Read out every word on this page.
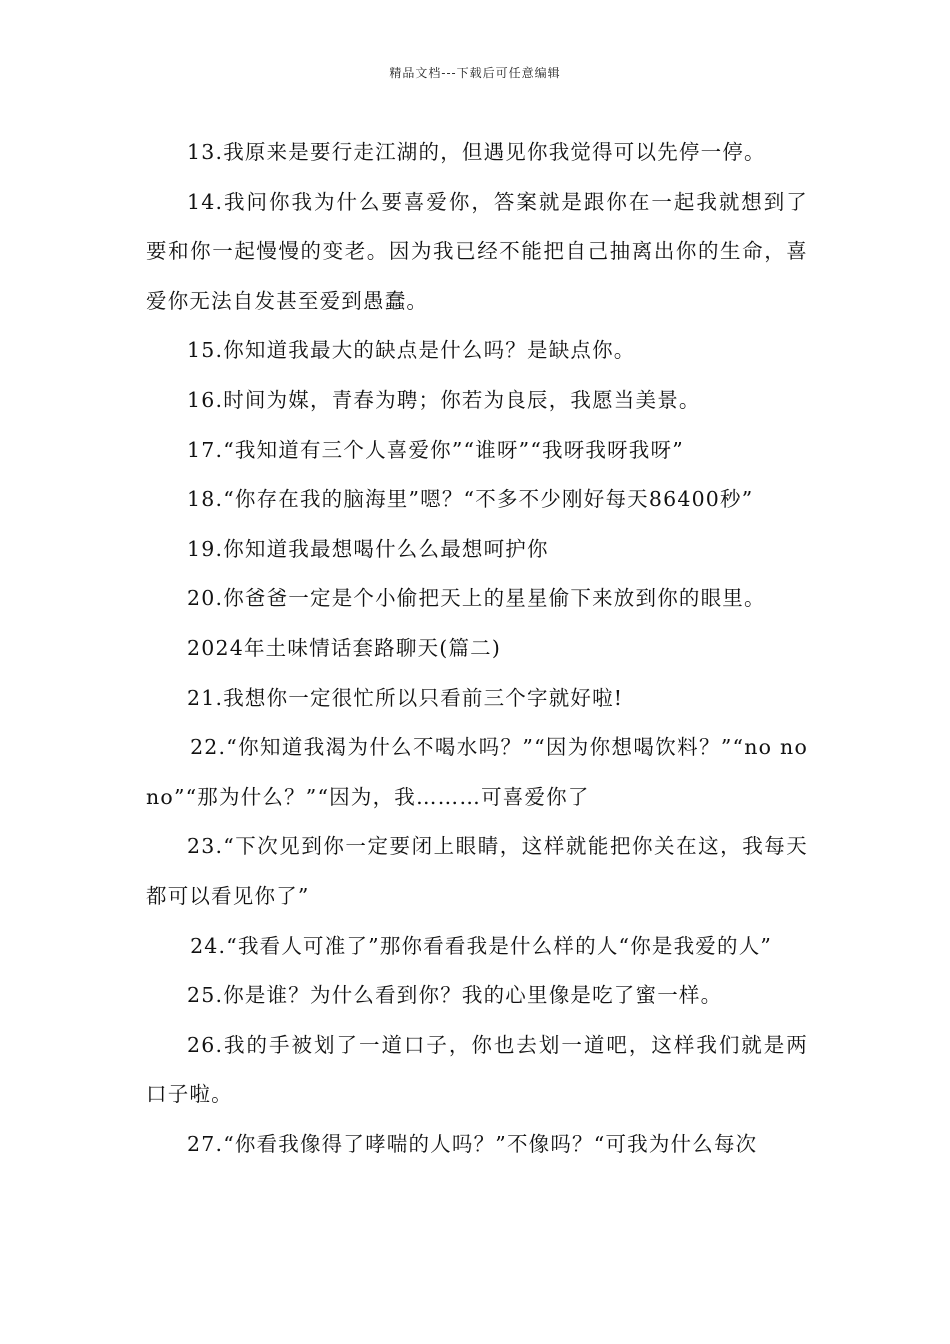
精品文档---下载后可任意编辑

13.我原来是要行走江湖的，但遇见你我觉得可以先停一停。

14.我问你我为什么要喜爱你，答案就是跟你在一起我就想到了要和你一起慢慢的变老。因为我已经不能把自己抽离出你的生命，喜爱你无法自发甚至爱到愚蠢。

15.你知道我最大的缺点是什么吗？是缺点你。

16.时间为媒，青春为聘；你若为良辰，我愿当美景。

17.“我知道有三个人喜爱你”“谁呀”“我呀我呀我呀”

18.“你存在我的脑海里”嗯？“不多不少刚好每天86400秒”

19.你知道我最想喝什么么最想呵护你

20.你爸爸一定是个小偷把天上的星星偷下来放到你的眼里。

2024年土味情话套路聊天(篇二)

21.我想你一定很忙所以只看前三个字就好啦!

22.“你知道我渴为什么不喝水吗？”“因为你想喝饮料？”“no no no”“那为什么？”“因为，我………可喜爱你了

23.“下次见到你一定要闭上眼睛，这样就能把你关在这，我每天都可以看见你了”

24.“我看人可准了”那你看看我是什么样的人“你是我爱的人”

25.你是谁？为什么看到你？我的心里像是吃了蜜一样。

26.我的手被划了一道口子，你也去划一道吧，这样我们就是两口子啦。

27.“你看我像得了哮喘的人吗？”不像吗？“可我为什么每次
